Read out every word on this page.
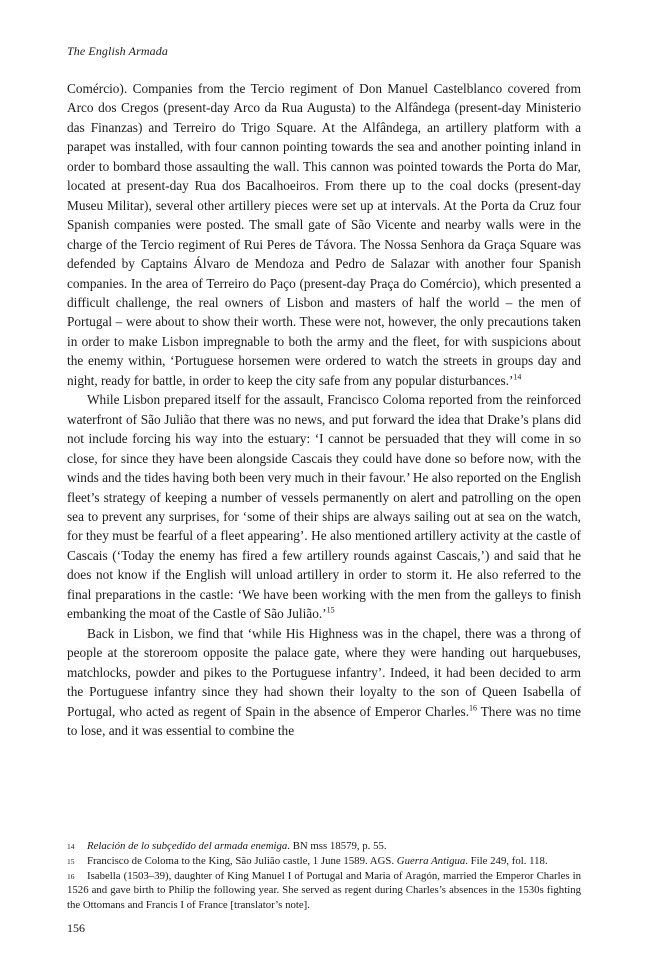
The English Armada

Comércio). Companies from the Tercio regiment of Don Manuel Castelblanco covered from Arco dos Cregos (present-day Arco da Rua Augusta) to the Alfândega (present-day Ministerio das Finanzas) and Terreiro do Trigo Square. At the Alfândega, an artillery platform with a parapet was installed, with four cannon pointing towards the sea and another pointing inland in order to bombard those assaulting the wall. This cannon was pointed towards the Porta do Mar, located at present-day Rua dos Bacalhoeiros. From there up to the coal docks (present-day Museu Militar), several other artillery pieces were set up at intervals. At the Porta da Cruz four Spanish companies were posted. The small gate of São Vicente and nearby walls were in the charge of the Tercio regiment of Rui Peres de Távora. The Nossa Senhora da Graça Square was defended by Captains Álvaro de Mendoza and Pedro de Salazar with another four Spanish companies. In the area of Terreiro do Paço (present-day Praça do Comércio), which presented a difficult challenge, the real owners of Lisbon and masters of half the world – the men of Portugal – were about to show their worth. These were not, however, the only precautions taken in order to make Lisbon impregnable to both the army and the fleet, for with suspicions about the enemy within, ‘Portuguese horsemen were ordered to watch the streets in groups day and night, ready for battle, in order to keep the city safe from any popular disturbances.’$^{14}$

While Lisbon prepared itself for the assault, Francisco Coloma reported from the reinforced waterfront of São Julião that there was no news, and put forward the idea that Drake’s plans did not include forcing his way into the estuary: ‘I cannot be persuaded that they will come in so close, for since they have been alongside Cascais they could have done so before now, with the winds and the tides having both been very much in their favour.’ He also reported on the English fleet’s strategy of keeping a number of vessels permanently on alert and patrolling on the open sea to prevent any surprises, for ‘some of their ships are always sailing out at sea on the watch, for they must be fearful of a fleet appearing’. He also mentioned artillery activity at the castle of Cascais (‘Today the enemy has fired a few artillery rounds against Cascais,’) and said that he does not know if the English will unload artillery in order to storm it. He also referred to the final preparations in the castle: ‘We have been working with the men from the galleys to finish embanking the moat of the Castle of São Julião.’$^{15}$

Back in Lisbon, we find that ‘while His Highness was in the chapel, there was a throng of people at the storeroom opposite the palace gate, where they were handing out harquebuses, matchlocks, powder and pikes to the Portuguese infantry’. Indeed, it had been decided to arm the Portuguese infantry since they had shown their loyalty to the son of Queen Isabella of Portugal, who acted as regent of Spain in the absence of Emperor Charles.$^{16}$ There was no time to lose, and it was essential to combine the

14 Relación de lo subçedido del armada enemiga. BN mss 18579, p. 55.

15 Francisco de Coloma to the King, São Julião castle, 1 June 1589. AGS. Guerra Antigua. File 249, fol. 118.

16 Isabella (1503–39), daughter of King Manuel I of Portugal and Maria of Aragón, married the Emperor Charles in 1526 and gave birth to Philip the following year. She served as regent during Charles’s absences in the 1530s fighting the Ottomans and Francis I of France [translator’s note].

156
